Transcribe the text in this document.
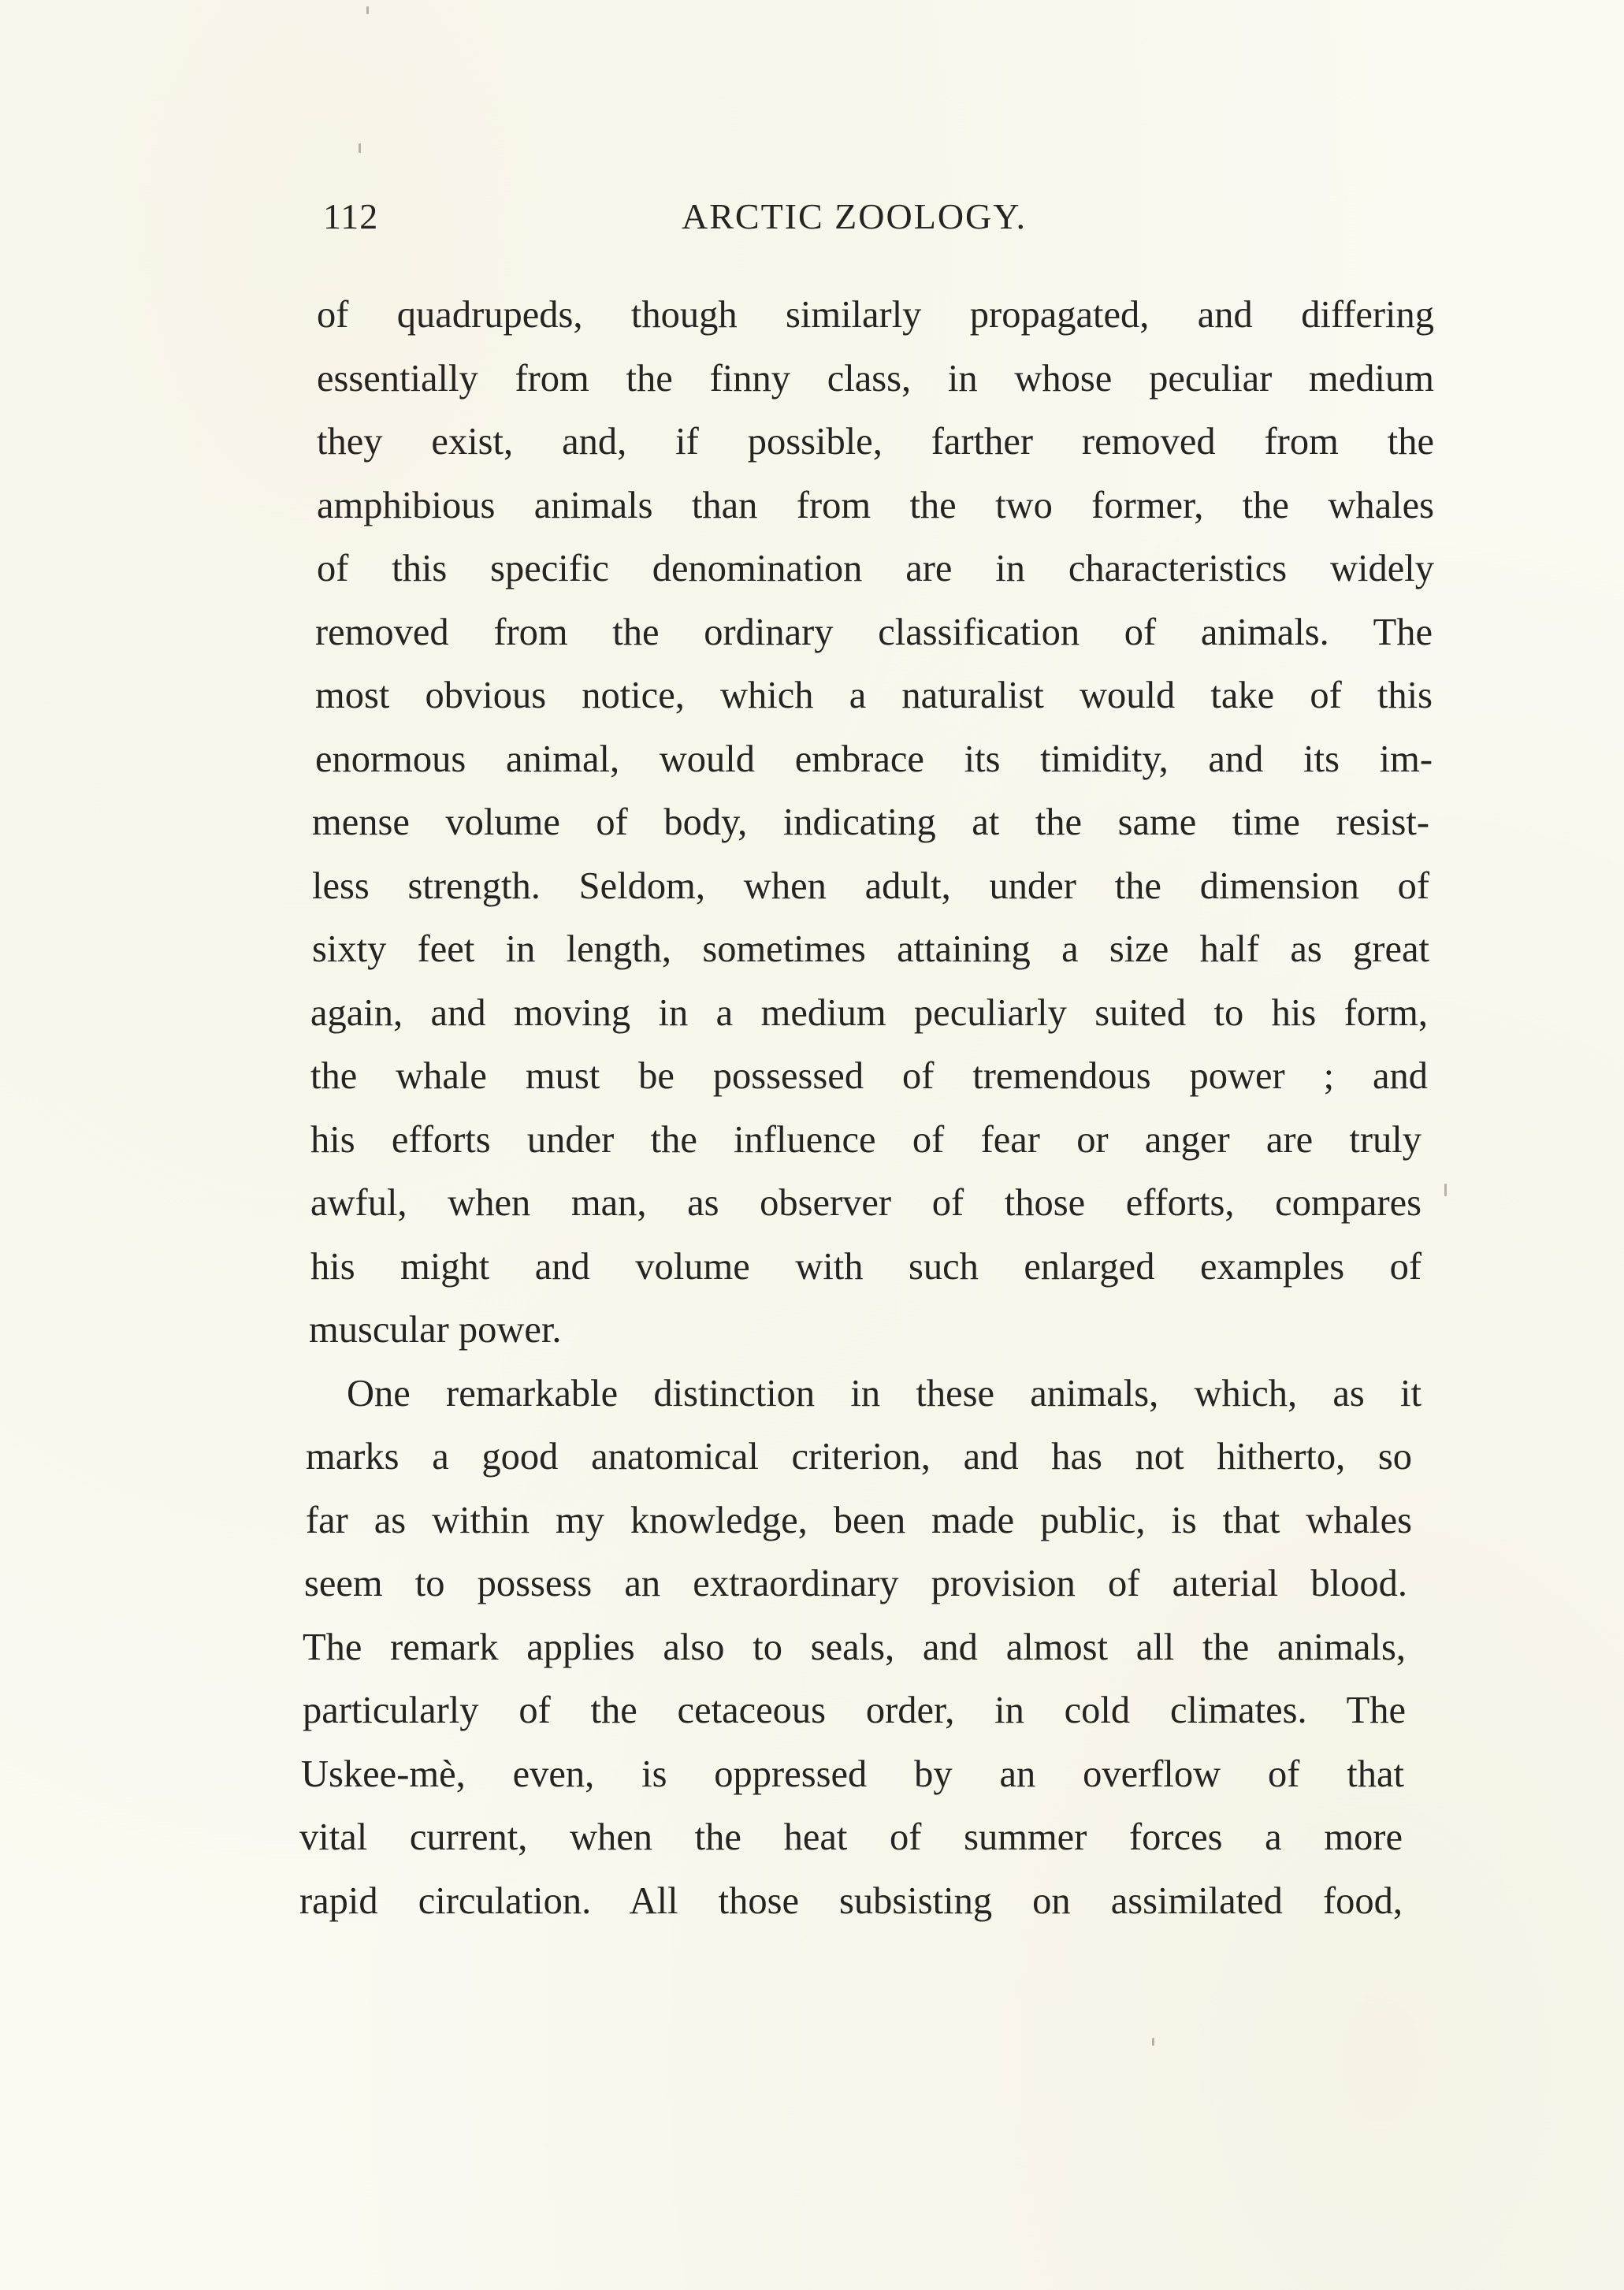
112	ARCTIC ZOOLOGY.
of quadrupeds, though similarly propagated, and differing
essentially from the finny class, in whose peculiar medium
they exist, and, if possible, farther removed from the
amphibious animals than from the two former, the whales
of this specific denomination are in characteristics widely
removed from the ordinary classification of animals. The
most obvious notice, which a naturalist would take of this
enormous animal, would embrace its timidity, and its im-
mense volume of body, indicating at the same time resist-
less strength. Seldom, when adult, under the dimension of
sixty feet in length, sometimes attaining a size half as great
again, and moving in a medium peculiarly suited to his form,
the whale must be possessed of tremendous power ; and
his efforts under the influence of fear or anger are truly
awful, when man, as observer of those efforts, compares
his might and volume with such enlarged examples of
muscular power.
One remarkable distinction in these animals, which, as it
marks a good anatomical criterion, and has not hitherto, so
far as within my knowledge, been made public, is that whales
seem to possess an extraordinary provision of aıterial blood.
The remark applies also to seals, and almost all the animals,
particularly of the cetaceous order, in cold climates. The
Uskee-mè, even, is oppressed by an overflow of that
vital current, when the heat of summer forces a more
rapid circulation. All those subsisting on assimilated food,
